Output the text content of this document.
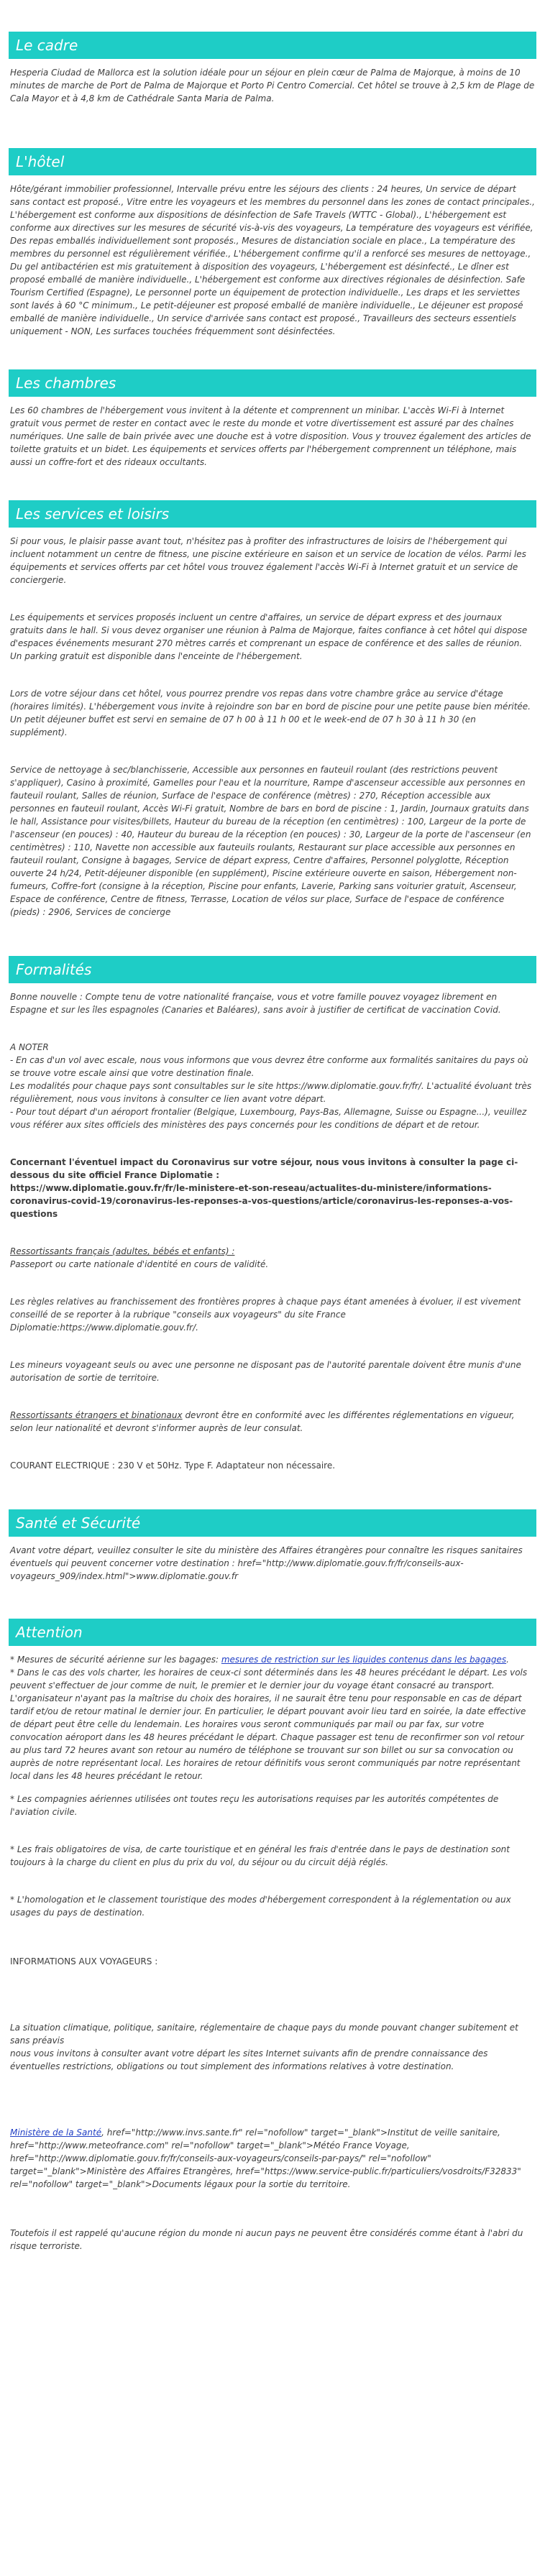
Le cadre

Hesperia Ciudad de Mallorca est la solution idéale pour un séjour en plein cœur de Palma de Majorque, à moins de 10 minutes de marche de Port de Palma de Majorque et Porto Pi Centro Comercial. Cet hôtel se trouve à 2,5 km de Plage de Cala Mayor et à 4,8 km de Cathédrale Santa Maria de Palma.

L'hôtel

Hôte/gérant immobilier professionnel, Intervalle prévu entre les séjours des clients : 24 heures, Un service de départ sans contact est proposé., Vitre entre les voyageurs et les membres du personnel dans les zones de contact principales., L'hébergement est conforme aux dispositions de désinfection de Safe Travels (WTTC - Global)., L'hébergement est conforme aux directives sur les mesures de sécurité vis-à-vis des voyageurs, La température des voyageurs est vérifiée, Des repas emballés individuellement sont proposés., Mesures de distanciation sociale en place., La température des membres du personnel est régulièrement vérifiée., L'hébergement confirme qu'il a renforcé ses mesures de nettoyage., Du gel antibactérien est mis gratuitement à disposition des voyageurs, L'hébergement est désinfecté., Le dîner est proposé emballé de manière individuelle., L'hébergement est conforme aux directives régionales de désinfection. Safe Tourism Certified (Espagne), Le personnel porte un équipement de protection individuelle., Les draps et les serviettes sont lavés à 60 °C minimum., Le petit-déjeuner est proposé emballé de manière individuelle., Le déjeuner est proposé emballé de manière individuelle., Un service d'arrivée sans contact est proposé., Travailleurs des secteurs essentiels uniquement - NON, Les surfaces touchées fréquemment sont désinfectées.

Les chambres

Les 60 chambres de l'hébergement vous invitent à la détente et comprennent un minibar. L'accès Wi-Fi à Internet gratuit vous permet de rester en contact avec le reste du monde et votre divertissement est assuré par des chaînes numériques. Une salle de bain privée avec une douche est à votre disposition. Vous y trouvez également des articles de toilette gratuits et un bidet. Les équipements et services offerts par l'hébergement comprennent un téléphone, mais aussi un coffre-fort et des rideaux occultants.

Les services et loisirs

Si pour vous, le plaisir passe avant tout, n'hésitez pas à profiter des infrastructures de loisirs de l'hébergement qui incluent notamment un centre de fitness, une piscine extérieure en saison et un service de location de vélos. Parmi les équipements et services offerts par cet hôtel vous trouvez également l'accès Wi-Fi à Internet gratuit et un service de conciergerie.

Les équipements et services proposés incluent un centre d'affaires, un service de départ express et des journaux gratuits dans le hall. Si vous devez organiser une réunion à Palma de Majorque, faites confiance à cet hôtel qui dispose d'espaces événements mesurant 270 mètres carrés et comprenant un espace de conférence et des salles de réunion. Un parking gratuit est disponible dans l'enceinte de l'hébergement.

Lors de votre séjour dans cet hôtel, vous pourrez prendre vos repas dans votre chambre grâce au service d'étage (horaires limités). L'hébergement vous invite à rejoindre son bar en bord de piscine pour une petite pause bien méritée. Un petit déjeuner buffet est servi en semaine de 07 h 00 à 11 h 00 et le week-end de 07 h 30 à 11 h 30 (en supplément).

Service de nettoyage à sec/blanchisserie, Accessible aux personnes en fauteuil roulant (des restrictions peuvent s'appliquer), Casino à proximité, Gamelles pour l'eau et la nourriture, Rampe d'ascenseur accessible aux personnes en fauteuil roulant, Salles de réunion, Surface de l'espace de conférence (mètres) : 270, Réception accessible aux personnes en fauteuil roulant, Accès Wi-Fi gratuit, Nombre de bars en bord de piscine : 1, Jardin, Journaux gratuits dans le hall, Assistance pour visites/billets, Hauteur du bureau de la réception (en centimètres) : 100, Largeur de la porte de l'ascenseur (en pouces) : 40, Hauteur du bureau de la réception (en pouces) : 30, Largeur de la porte de l'ascenseur (en centimètres) : 110, Navette non accessible aux fauteuils roulants, Restaurant sur place accessible aux personnes en fauteuil roulant, Consigne à bagages, Service de départ express, Centre d'affaires, Personnel polyglotte, Réception ouverte 24 h/24, Petit-déjeuner disponible (en supplément), Piscine extérieure ouverte en saison, Hébergement non-fumeurs, Coffre-fort (consigne à la réception, Piscine pour enfants, Laverie, Parking sans voiturier gratuit, Ascenseur, Espace de conférence, Centre de fitness, Terrasse, Location de vélos sur place, Surface de l'espace de conférence (pieds) : 2906, Services de concierge

Formalités

Bonne nouvelle : Compte tenu de votre nationalité française, vous et votre famille pouvez voyagez librement en Espagne et sur les îles espagnoles (Canaries et Baléares), sans avoir à justifier de certificat de vaccination Covid.

A NOTER
- En cas d'un vol avec escale, nous vous informons que vous devrez être conforme aux formalités sanitaires du pays où se trouve votre escale ainsi que votre destination finale.
Les modalités pour chaque pays sont consultables sur le site https://www.diplomatie.gouv.fr/fr/. L'actualité évoluant très régulièrement, nous vous invitons à consulter ce lien avant votre départ.
- Pour tout départ d'un aéroport frontalier (Belgique, Luxembourg, Pays-Bas, Allemagne, Suisse ou Espagne...), veuillez vous référer aux sites officiels des ministères des pays concernés pour les conditions de départ et de retour.

Concernant l'éventuel impact du Coronavirus sur votre séjour, nous vous invitons à consulter la page ci-dessous du site officiel France Diplomatie :
https://www.diplomatie.gouv.fr/fr/le-ministere-et-son-reseau/actualites-du-ministere/informations-coronavirus-covid-19/coronavirus-les-reponses-a-vos-questions/article/coronavirus-les-reponses-a-vos-questions

Ressortissants français (adultes, bébés et enfants) :
Passeport ou carte nationale d'identité en cours de validité.

Les règles relatives au franchissement des frontières propres à chaque pays étant amenées à évoluer, il est vivement conseillé de se reporter à la rubrique "conseils aux voyageurs" du site France Diplomatie:https://www.diplomatie.gouv.fr/.

Les mineurs voyageant seuls ou avec une personne ne disposant pas de l'autorité parentale doivent être munis d'une autorisation de sortie de territoire.

Ressortissants étrangers et binationaux devront être en conformité avec les différentes réglementations en vigueur, selon leur nationalité et devront s'informer auprès de leur consulat.

COURANT ELECTRIQUE : 230 V et 50Hz. Type F. Adaptateur non nécessaire.

Santé et Sécurité

Avant votre départ, veuillez consulter le site du ministère des Affaires étrangères pour connaître les risques sanitaires éventuels qui peuvent concerner votre destination : href="http://www.diplomatie.gouv.fr/fr/conseils-aux-voyageurs_909/index.html">www.diplomatie.gouv.fr

Attention

* Mesures de sécurité aérienne sur les bagages: mesures de restriction sur les liquides contenus dans les bagages.

* Dans le cas des vols charter, les horaires de ceux-ci sont déterminés dans les 48 heures précédant le départ. Les vols peuvent s'effectuer de jour comme de nuit, le premier et le dernier jour du voyage étant consacré au transport. L'organisateur n'ayant pas la maîtrise du choix des horaires, il ne saurait être tenu pour responsable en cas de départ tardif et/ou de retour matinal le dernier jour. En particulier, le départ pouvant avoir lieu tard en soirée, la date effective de départ peut être celle du lendemain. Les horaires vous seront communiqués par mail ou par fax, sur votre convocation aéroport dans les 48 heures précédant le départ. Chaque passager est tenu de reconfirmer son vol retour au plus tard 72 heures avant son retour au numéro de téléphone se trouvant sur son billet ou sur sa convocation ou auprès de notre représentant local. Les horaires de retour définitifs vous seront communiqués par notre représentant local dans les 48 heures précédant le retour.

* Les compagnies aériennes utilisées ont toutes reçu les autorisations requises par les autorités compétentes de l'aviation civile.

* Les frais obligatoires de visa, de carte touristique et en général les frais d'entrée dans le pays de destination sont toujours à la charge du client en plus du prix du vol, du séjour ou du circuit déjà réglés.

* L'homologation et le classement touristique des modes d'hébergement correspondent à la réglementation ou aux usages du pays de destination.

INFORMATIONS AUX VOYAGEURS :

La situation climatique, politique, sanitaire, réglementaire de chaque pays du monde pouvant changer subitement et sans préavis
nous vous invitons à consulter avant votre départ les sites Internet suivants afin de prendre connaissance des éventuelles restrictions, obligations ou tout simplement des informations relatives à votre destination.

Ministère de la Santé, href="http://www.invs.sante.fr" rel="nofollow" target="_blank">Institut de veille sanitaire, href="http://www.meteofrance.com" rel="nofollow" target="_blank">Météo France Voyage, href="http://www.diplomatie.gouv.fr/fr/conseils-aux-voyageurs/conseils-par-pays/" rel="nofollow" target="_blank">Ministère des Affaires Etrangères, href="https://www.service-public.fr/particuliers/vosdroits/F32833" rel="nofollow" target="_blank">Documents légaux pour la sortie du territoire.

Toutefois il est rappelé qu'aucune région du monde ni aucun pays ne peuvent être considérés comme étant à l'abri du risque terroriste.
